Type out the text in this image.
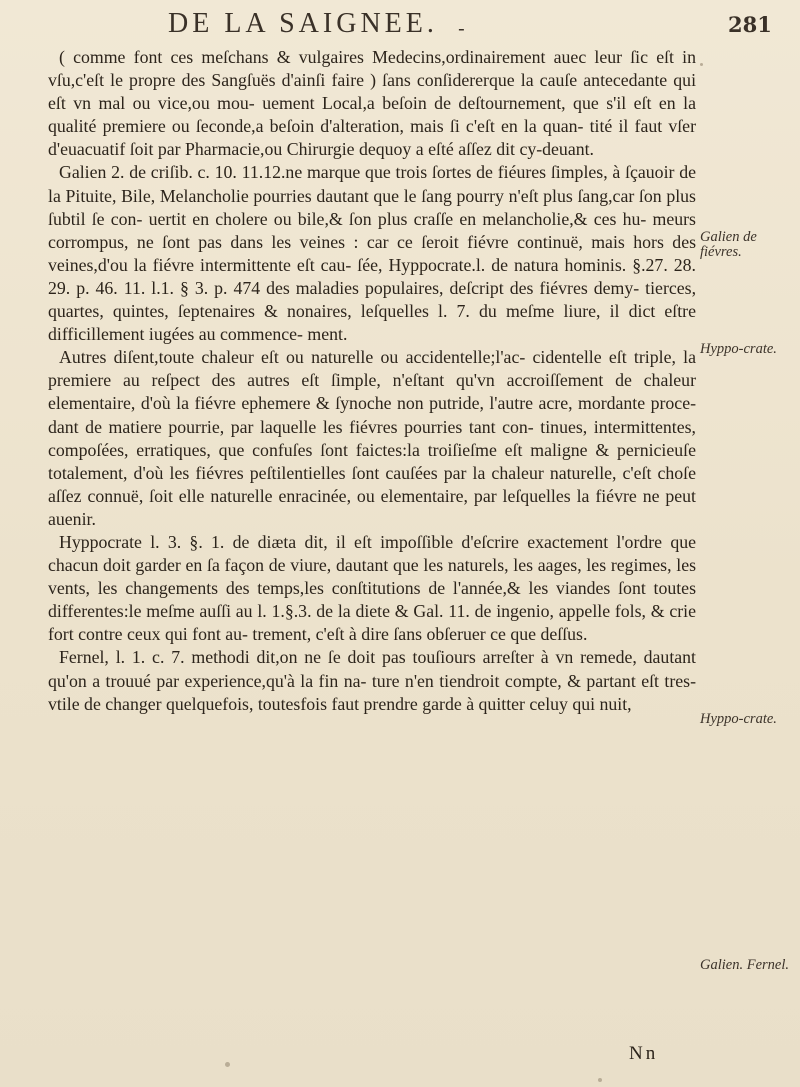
DE LA SAIGNEE. -	281

( comme font ces meſchans & vulgaires Medecins,ordinairement auec leur ſic eſt in vſu,c'eſt le propre des Sangſuës d'ainſi faire ) ſans conſidererque la cauſe antecedante qui eſt vn mal ou vice,ou mou- uement Local,a beſoin de deſtournement, que s'il eſt en la qualité premiere ou ſeconde,a beſoin d'alteration, mais ſi c'eſt en la quan- tité il faut vſer d'euacuatif ſoit par Pharmacie,ou Chirurgie dequoy a eſté aſſez dit cy-deuant.

Galien 2. de criſib. c. 10. 11.12.ne marque que trois ſortes de fiéures ſimples, à ſçauoir de la Pituite, Bile, Melancholie pourries dautant que le ſang pourry n'eſt plus ſang,car ſon plus ſubtil ſe con- uertit en cholere ou bile,& ſon plus craſſe en melancholie,& ces hu- meurs corrompus, ne ſont pas dans les veines : car ce ſeroit fiévre continuë, mais hors des veines,d'ou la fiévre intermittente eſt cau- ſée, Hyppocrate.l. de natura hominis. §.27. 28. 29. p. 46. 11. l.1. § 3. p. 474 des maladies populaires, deſcript des fiévres demy- tierces, quartes, quintes, ſeptenaires & nonaires, leſquelles l. 7. du meſme liure, il dict eſtre difficillement iugées au commence- ment.

Autres diſent,toute chaleur eſt ou naturelle ou accidentelle;l'ac- cidentelle eſt triple, la premiere au reſpect des autres eſt ſimple, n'eſtant qu'vn accroiſſement de chaleur elementaire, d'où la fiévre ephemere & ſynoche non putride, l'autre acre, mordante proce- dant de matiere pourrie, par laquelle les fiévres pourries tant con- tinues, intermittentes, compoſées, erratiques, que confuſes ſont faictes:la troiſieſme eſt maligne & pernicieuſe totalement, d'où les fiévres peſtilentielles ſont cauſées par la chaleur naturelle, c'eſt choſe aſſez connuë, ſoit elle naturelle enracinée, ou elementaire, par leſquelles la fiévre ne peut auenir.

Hyppocrate l. 3. §. 1. de diæta dit, il eſt impoſſible d'eſcrire exactement l'ordre que chacun doit garder en ſa façon de viure, dautant que les naturels, les aages, les regimes, les vents, les changements des temps,les conſtitutions de l'année,& les viandes ſont toutes differentes:le meſme auſſi au l. 1.§.3. de la diete & Gal. 11. de ingenio, appelle fols, & crie fort contre ceux qui font au- trement, c'eſt à dire ſans obſeruer ce que deſſus.

Fernel, l. 1. c. 7. methodi dit,on ne ſe doit pas touſiours arreſter à vn remede, dautant qu'on a trouué par experience,qu'à la fin na- ture n'en tiendroit compte, & partant eſt tres-vtile de changer quelquefois, toutesfois faut prendre garde à quitter celuy qui nuit,

Galien de fiévres.
Hyppo-crate.
Hyppo-crate.
Galien. Fernel.
Nn
